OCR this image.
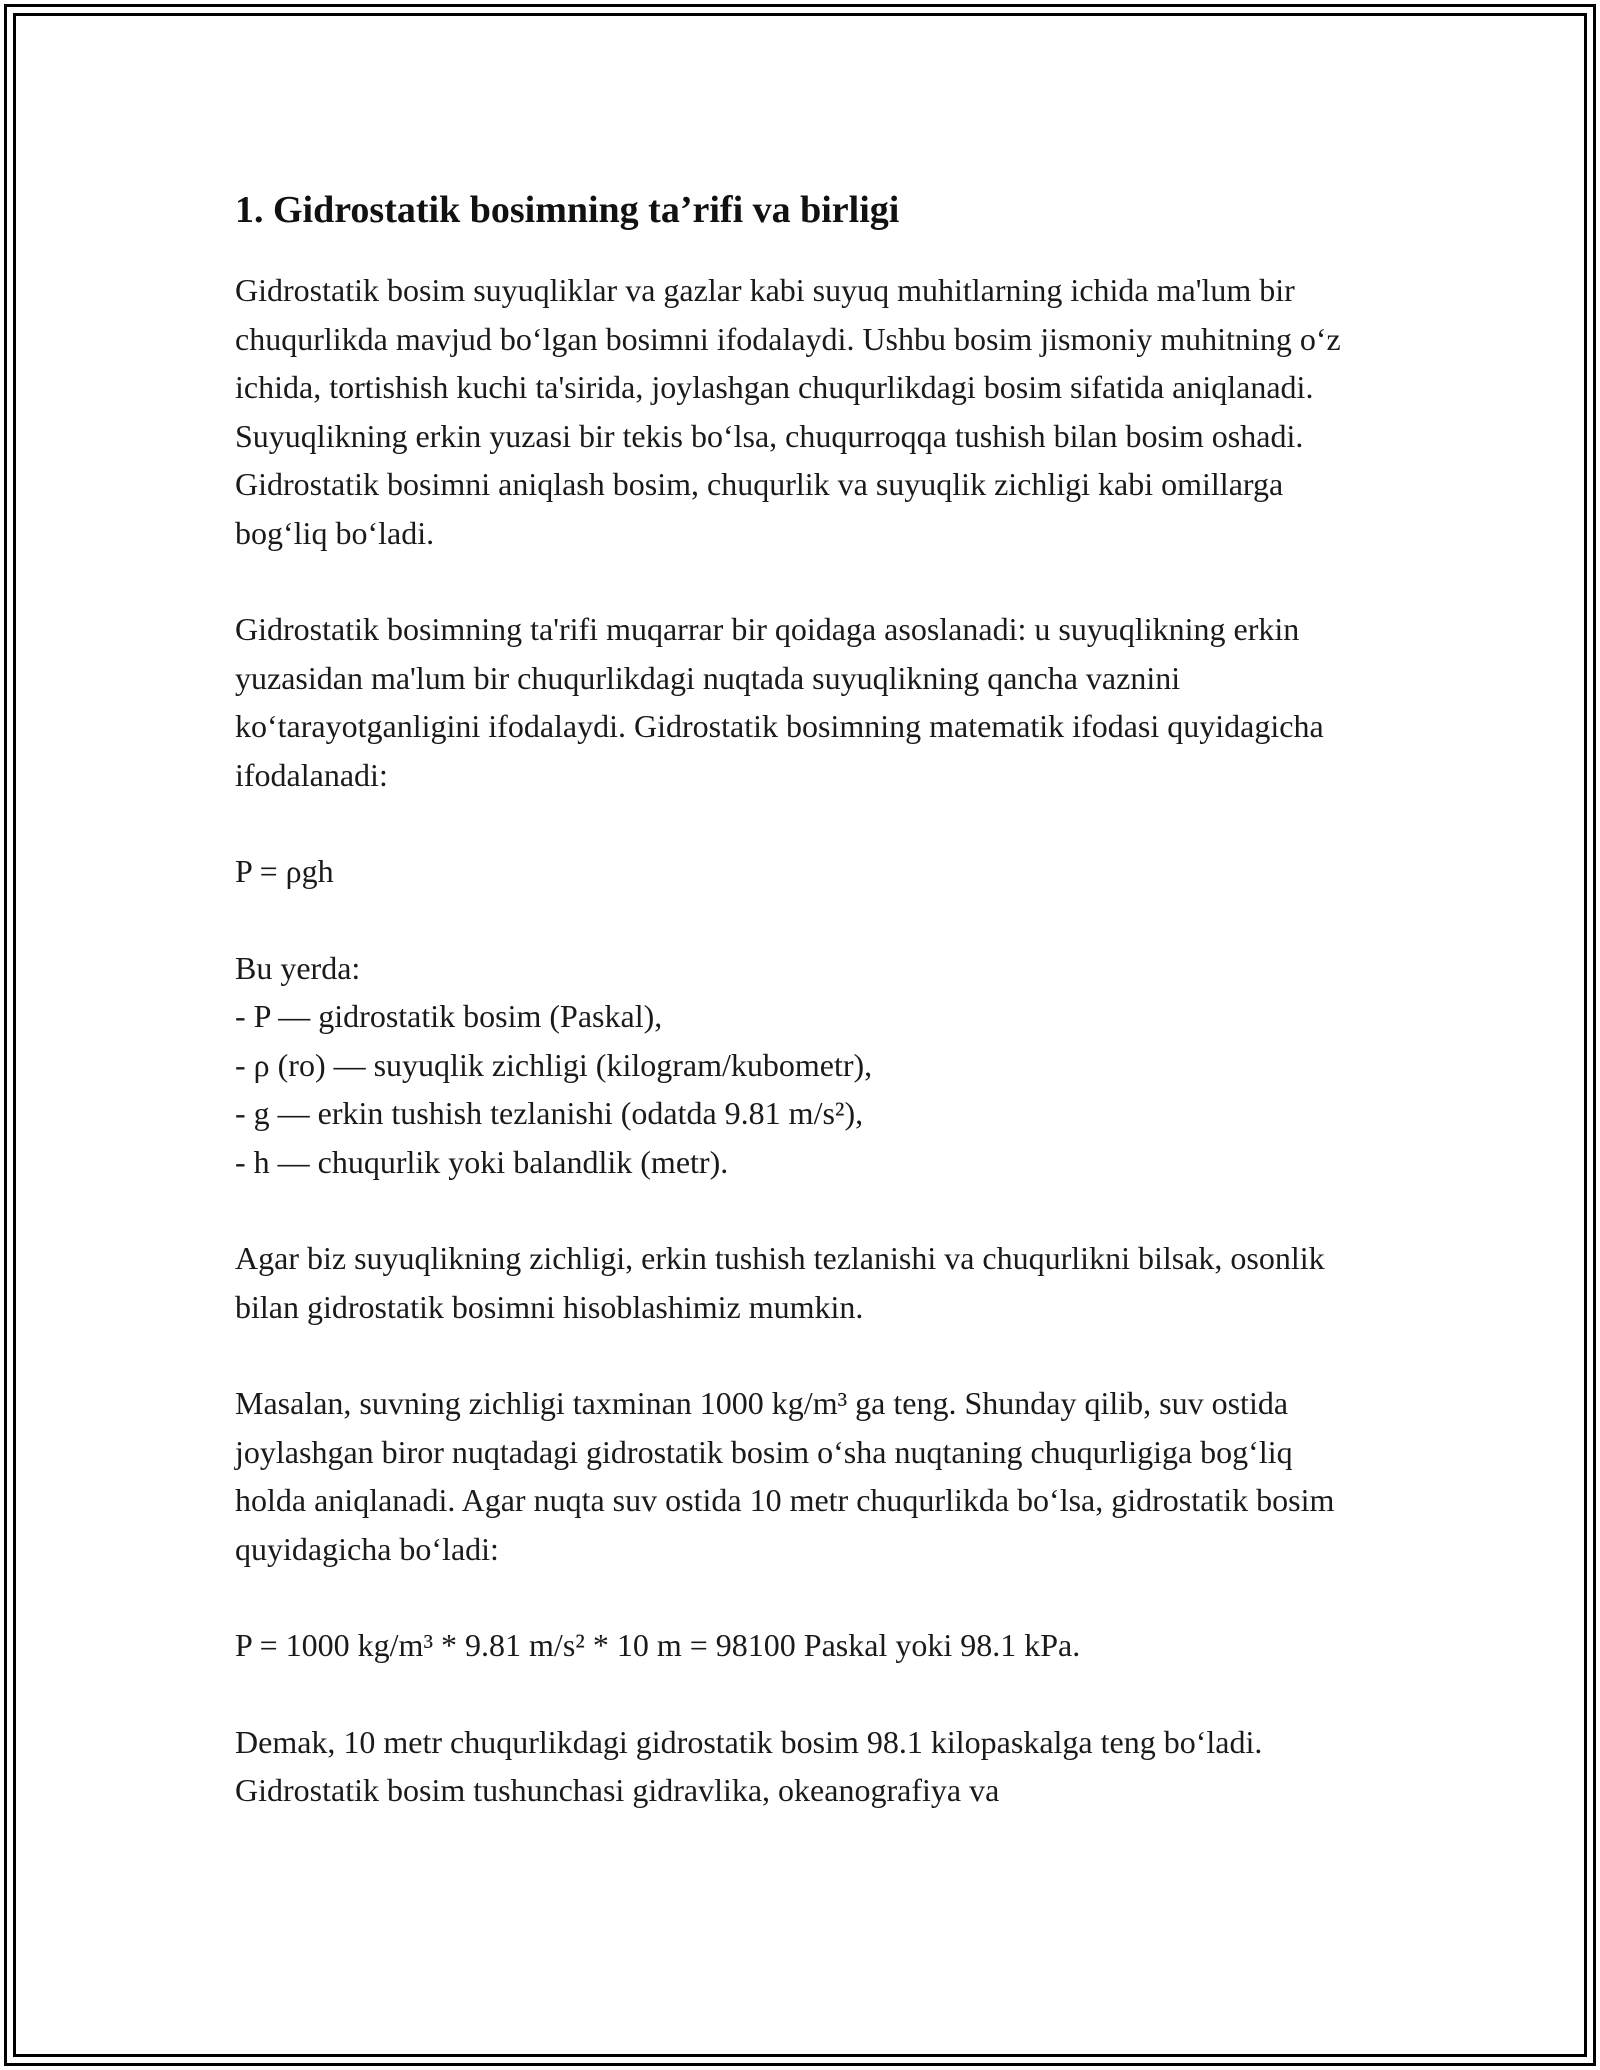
1. Gidrostatik bosimning ta’rifi va birligi

Gidrostatik bosim suyuqliklar va gazlar kabi suyuq muhitlarning ichida ma'lum bir chuqurlikda mavjud bo‘lgan bosimni ifodalaydi. Ushbu bosim jismoniy muhitning o‘z ichida, tortishish kuchi ta'sirida, joylashgan chuqurlikdagi bosim sifatida aniqlanadi. Suyuqlikning erkin yuzasi bir tekis bo‘lsa, chuqurroqqa tushish bilan bosim oshadi. Gidrostatik bosimni aniqlash bosim, chuqurlik va suyuqlik zichligi kabi omillarga bog‘liq bo‘ladi.

Gidrostatik bosimning ta'rifi muqarrar bir qoidaga asoslanadi: u suyuqlikning erkin yuzasidan ma'lum bir chuqurlikdagi nuqtada suyuqlikning qancha vaznini ko‘tarayotganligini ifodalaydi. Gidrostatik bosimning matematik ifodasi quyidagicha ifodalanadi:

P = ρgh

Bu yerda:
- P — gidrostatik bosim (Paskal),
- ρ (ro) — suyuqlik zichligi (kilogram/kubometr),
- g — erkin tushish tezlanishi (odatda 9.81 m/s²),
- h — chuqurlik yoki balandlik (metr).

Agar biz suyuqlikning zichligi, erkin tushish tezlanishi va chuqurlikni bilsak, osonlik bilan gidrostatik bosimni hisoblashimiz mumkin.

Masalan, suvning zichligi taxminan 1000 kg/m³ ga teng. Shunday qilib, suv ostida joylashgan biror nuqtadagi gidrostatik bosim o‘sha nuqtaning chuqurligiga bog‘liq holda aniqlanadi. Agar nuqta suv ostida 10 metr chuqurlikda bo‘lsa, gidrostatik bosim quyidagicha bo‘ladi:

P = 1000 kg/m³ * 9.81 m/s² * 10 m = 98100 Paskal yoki 98.1 kPa.

Demak, 10 metr chuqurlikdagi gidrostatik bosim 98.1 kilopaskalga teng bo‘ladi. Gidrostatik bosim tushunchasi gidravlika, okeanografiya va
